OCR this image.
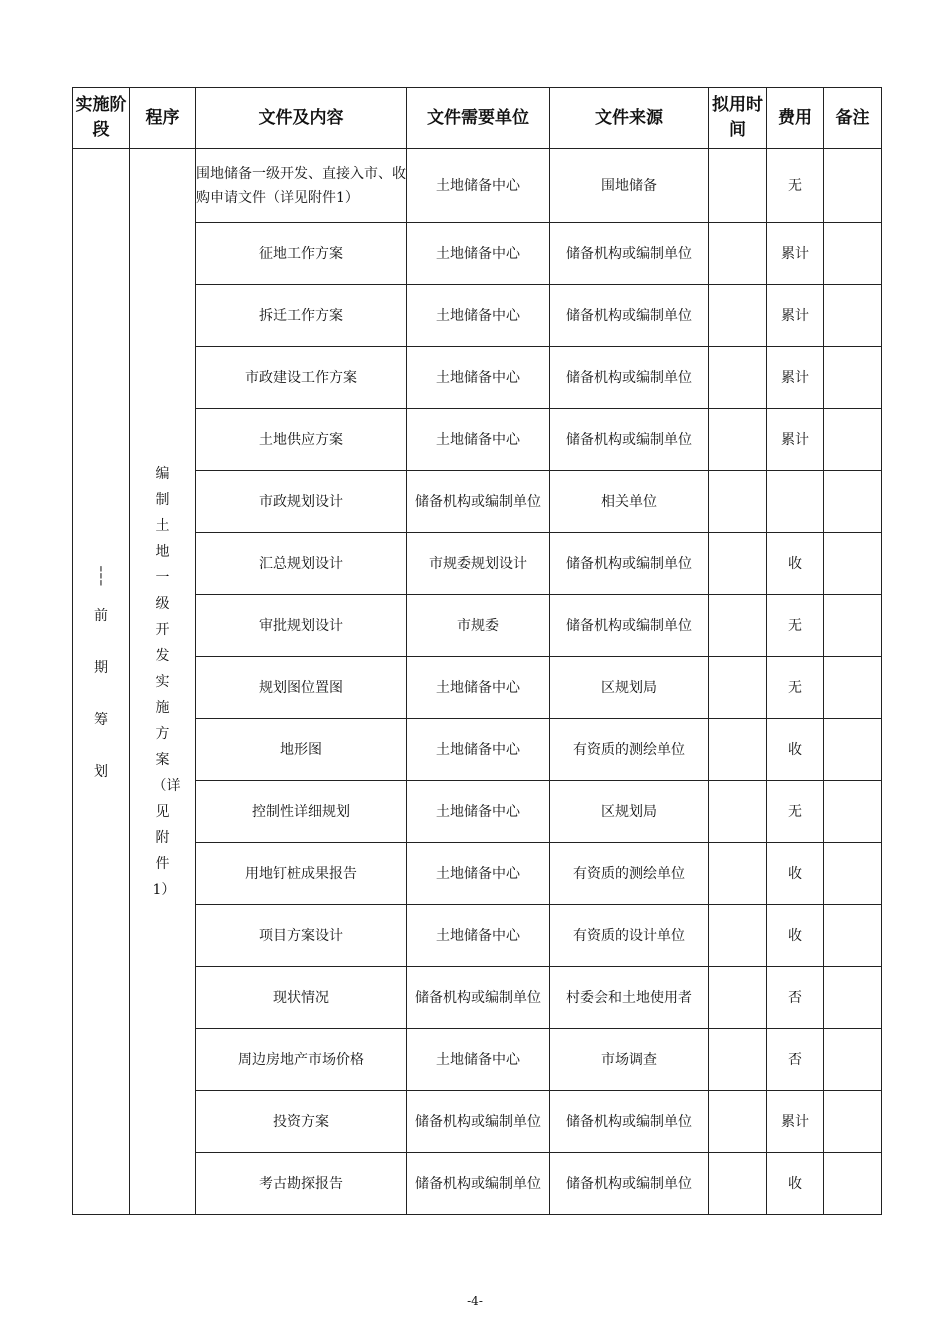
实施阶段	程序	文件及内容	文件需要单位	文件来源	拟用时间	费用	备注
┆
前期筹划	编制土地一级开发实施方案（详见附件1）	围地储备一级开发、直接入市、收购申请文件（详见附件1）	土地储备中心	围地储备		无	
		征地工作方案	土地储备中心	储备机构或编制单位		累计	
		拆迁工作方案	土地储备中心	储备机构或编制单位		累计	
		市政建设工作方案	土地储备中心	储备机构或编制单位		累计	
		土地供应方案	土地储备中心	储备机构或编制单位		累计	
		市政规划设计	储备机构或编制单位	相关单位			
		汇总规划设计	市规委规划设计	储备机构或编制单位		收	
		审批规划设计	市规委	储备机构或编制单位		无	
		规划图位置图	土地储备中心	区规划局		无	
		地形图	土地储备中心	有资质的测绘单位		收	
		控制性详细规划	土地储备中心	区规划局		无	
		用地钉桩成果报告	土地储备中心	有资质的测绘单位		收	
		项目方案设计	土地储备中心	有资质的设计单位		收	
		现状情况	储备机构或编制单位	村委会和土地使用者		否	
		周边房地产市场价格	土地储备中心	市场调查		否	
		投资方案	储备机构或编制单位	储备机构或编制单位		累计	
		考古勘探报告	储备机构或编制单位	储备机构或编制单位		收	
-4-
